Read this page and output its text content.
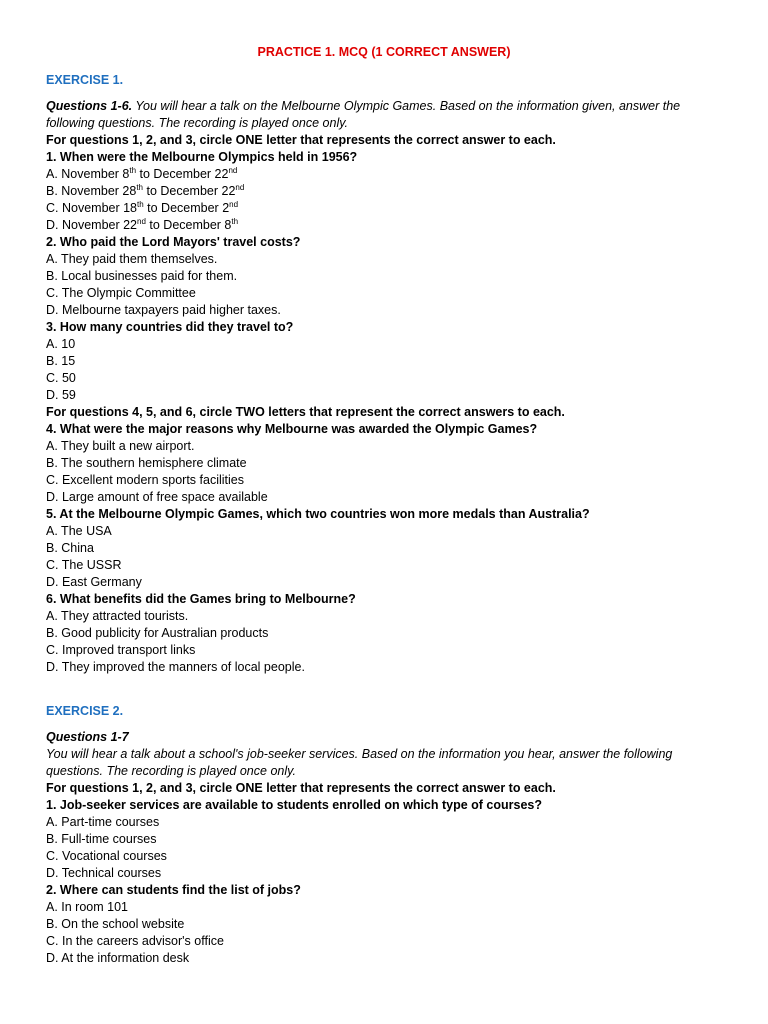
PRACTICE 1. MCQ (1 CORRECT ANSWER)
EXERCISE 1.
Questions 1-6. You will hear a talk on the Melbourne Olympic Games. Based on the information given, answer the following questions. The recording is played once only.
For questions 1, 2, and 3, circle ONE letter that represents the correct answer to each.
1. When were the Melbourne Olympics held in 1956?
A. November 8th to December 22nd
B. November 28th to December 22nd
C. November 18th to December 2nd
D. November 22nd to December 8th
2. Who paid the Lord Mayors' travel costs?
A. They paid them themselves.
B. Local businesses paid for them.
C. The Olympic Committee
D. Melbourne taxpayers paid higher taxes.
3. How many countries did they travel to?
A. 10
B. 15
C. 50
D. 59
For questions 4, 5, and 6, circle TWO letters that represent the correct answers to each.
4. What were the major reasons why Melbourne was awarded the Olympic Games?
A. They built a new airport.
B. The southern hemisphere climate
C. Excellent modern sports facilities
D. Large amount of free space available
5. At the Melbourne Olympic Games, which two countries won more medals than Australia?
A. The USA
B. China
C. The USSR
D. East Germany
6. What benefits did the Games bring to Melbourne?
A. They attracted tourists.
B. Good publicity for Australian products
C. Improved transport links
D. They improved the manners of local people.
EXERCISE 2.
Questions 1-7
You will hear a talk about a school's job-seeker services. Based on the information you hear, answer the following questions. The recording is played once only.
For questions 1, 2, and 3, circle ONE letter that represents the correct answer to each.
1. Job-seeker services are available to students enrolled on which type of courses?
A. Part-time courses
B. Full-time courses
C. Vocational courses
D. Technical courses
2. Where can students find the list of jobs?
A. In room 101
B. On the school website
C. In the careers advisor's office
D. At the information desk
